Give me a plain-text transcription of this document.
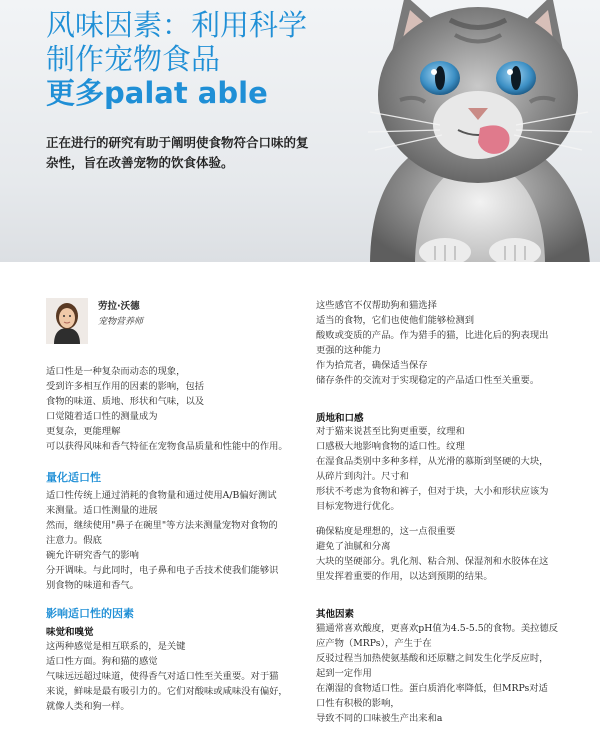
风味因素：利用科学
制作宠物食品
更多palat able
正在进行的研究有助于阐明使食物符合口味的复
杂性，旨在改善宠物的饮食体验。
劳拉·沃德
宠物营养师
适口性是一种复杂而动态的现象，
受到许多相互作用的因素的影响，包括
食物的味道、质地、形状和气味，以及
口觉随着适口性的测量成为
更复杂，更能理解
可以获得风味和香气特征在宠物食品质量和性能中的作用。
量化适口性
适口性传统上通过消耗的食物量和通过使用A/B偏好测试
来测量。适口性测量的进展
然而，继续使用"鼻子在碗里"等方法来测量宠物对食物的
注意力。假底
碗允许研究香气的影响
分开调味。与此同时，电子鼻和电子舌技术使我们能够识
别食物的味道和香气。
影响适口性的因素
味觉和嗅觉
这两种感觉是相互联系的，是关键
适口性方面。狗和猫的感觉
气味远远超过味道，使得香气对适口性至关重要。对于猫
来说，鲜味是最有吸引力的。它们对酸味或咸味没有偏好，
就像人类和狗一样。
这些感官不仅帮助狗和猫选择
适当的食物，它们也使他们能够检测到
酸败或变质的产品。作为猎手的猫，比进化后的狗表现出
更强的这种能力
作为拾荒者，确保适当保存
储存条件的交流对于实现稳定的产品适口性至关重要。
质地和口感
对于猫来说甚至比狗更重要，纹理和
口感极大地影响食物的适口性。纹理
在湿食品类别中多种多样，从光滑的慕斯到坚硬的大块，
从碎片到肉汁。尺寸和
形状不考虑为食物和裤子，但对于块，大小和形状应该为
目标宠物进行优化。
确保粘度是理想的，这一点很重要
避免了油腻和分离
大块的坚硬部分。乳化剂、粘合剂、保湿剂和水胶体在这
里发挥着重要的作用，以达到预期的结果。
其他因素
猫通常喜欢酸度，更喜欢pH值为4.5-5.5的食物。美拉德反
应产物（MRPs），产生于在
反驳过程当加热使氨基酸和还原糖之间发生化学反应时，
起到一定作用
在潮湿的食物适口性。蛋白质消化率降低，但MRPs对适
口性有积极的影响，
导致不同的口味被生产出来和a
